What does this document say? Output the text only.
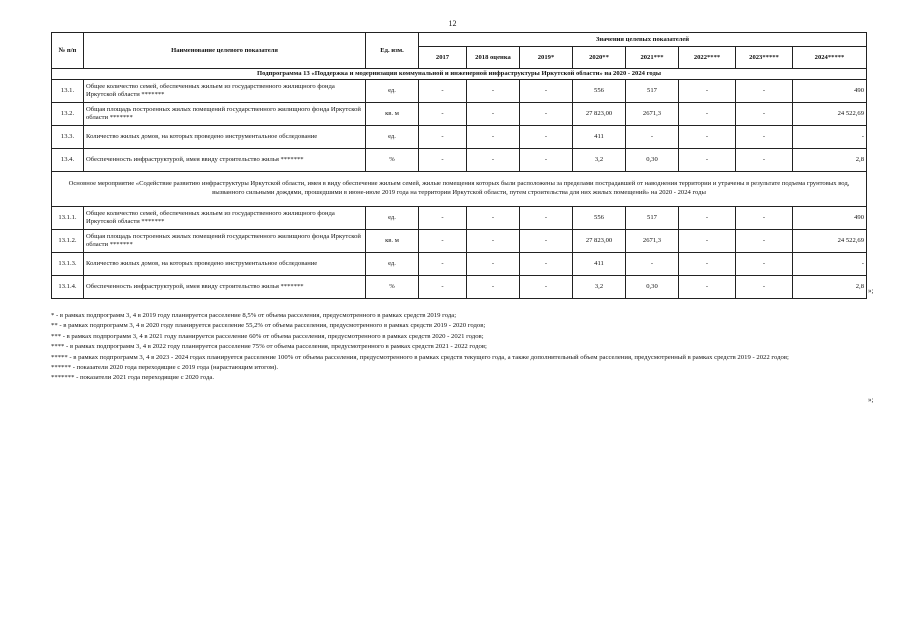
12
№ п/п	Наименование целевого показателя	Ед. изм.	Значения целевых показателей							
			2017	2018 оценка	2019*	2020**	2021***	2022****	2023*****	2024*****
Подпрограмма 13 «Поддержка и модернизация коммунальной и инженерной инфраструктуры Иркутской области» на 2020 - 2024 годы										
13.1.	Общее количество семей, обеспеченных жильем из государственного жилищного фонда Иркутской области *******	ед.	-	-	-	556	517	-	-	490
13.2.	Общая площадь построенных жилых помещений государственного жилищного фонда Иркутской области *******	кв. м	-	-	-	27 823,00	2671,3	-	-	24 522,69
13.3.	Количество жилых домов, на которых проведено инструментальное обследование	ед.	-	-	-	411	-	-	-	-
13.4.	Обеспеченность инфраструктурой, имея ввиду строительство жилья *******	%	-	-	-	3,2	0,30	-	-	2,8
Основное мероприятие «Содействие развитию инфраструктуры Иркутской области, имея в виду обеспечение жильем семей, жилые помещения которых были расположены за пределами пострадавшей от наводнения территории и утрачены в результате подъема грунтовых вод, вызванного сильными дождями, прошедшими в июне-июле 2019 года на территории Иркутской области, путем строительства для них жилых помещений» на 2020 - 2024 годы										
13.1.1.	Общее количество семей, обеспеченных жильем из государственного жилищного фонда Иркутской области *******	ед.	-	-	-	556	517	-	-	490
13.1.2.	Общая площадь построенных жилых помещений государственного жилищного фонда Иркутской области *******	кв. м	-	-	-	27 823,00	2671,3	-	-	24 522,69
13.1.3.	Количество жилых домов, на которых проведено инструментальное обследование	ед.	-	-	-	411	-	-	-	-
13.1.4.	Обеспеченность инфраструктурой, имея ввиду строительство жилья *******	%	-	-	-	3,2	0,30	-	-	2,8
»;
* - в рамках подпрограмм 3, 4 в 2019 году планируется расселение 8,5% от объема расселения, предусмотренного в рамках средств 2019 года;
** - в рамках подпрограмм 3, 4 в 2020 году планируется расселение 55,2% от объема расселения, предусмотренного в рамках средств 2019 - 2020 годов;
*** - в рамках подпрограмм 3, 4 в 2021 году планируется расселение 60% от объема расселения, предусмотренного в рамках средств 2020 - 2021 годов;
**** - в рамках подпрограмм 3, 4 в 2022 году планируется расселение 75% от объема расселения, предусмотренного в рамках средств 2021 - 2022 годов;
***** - в рамках подпрограмм 3, 4 в 2023 - 2024 годах планируется расселение 100% от объема расселения, предусмотренного в рамках средств текущего года, а также дополнительный объем расселения, предусмотренный в рамках средств 2019 - 2022 годов;
****** - показатели 2020 года переходящие с 2019 года (нарастающим итогом).
******* - показатели 2021 года переходящие с 2020 года.
»;
